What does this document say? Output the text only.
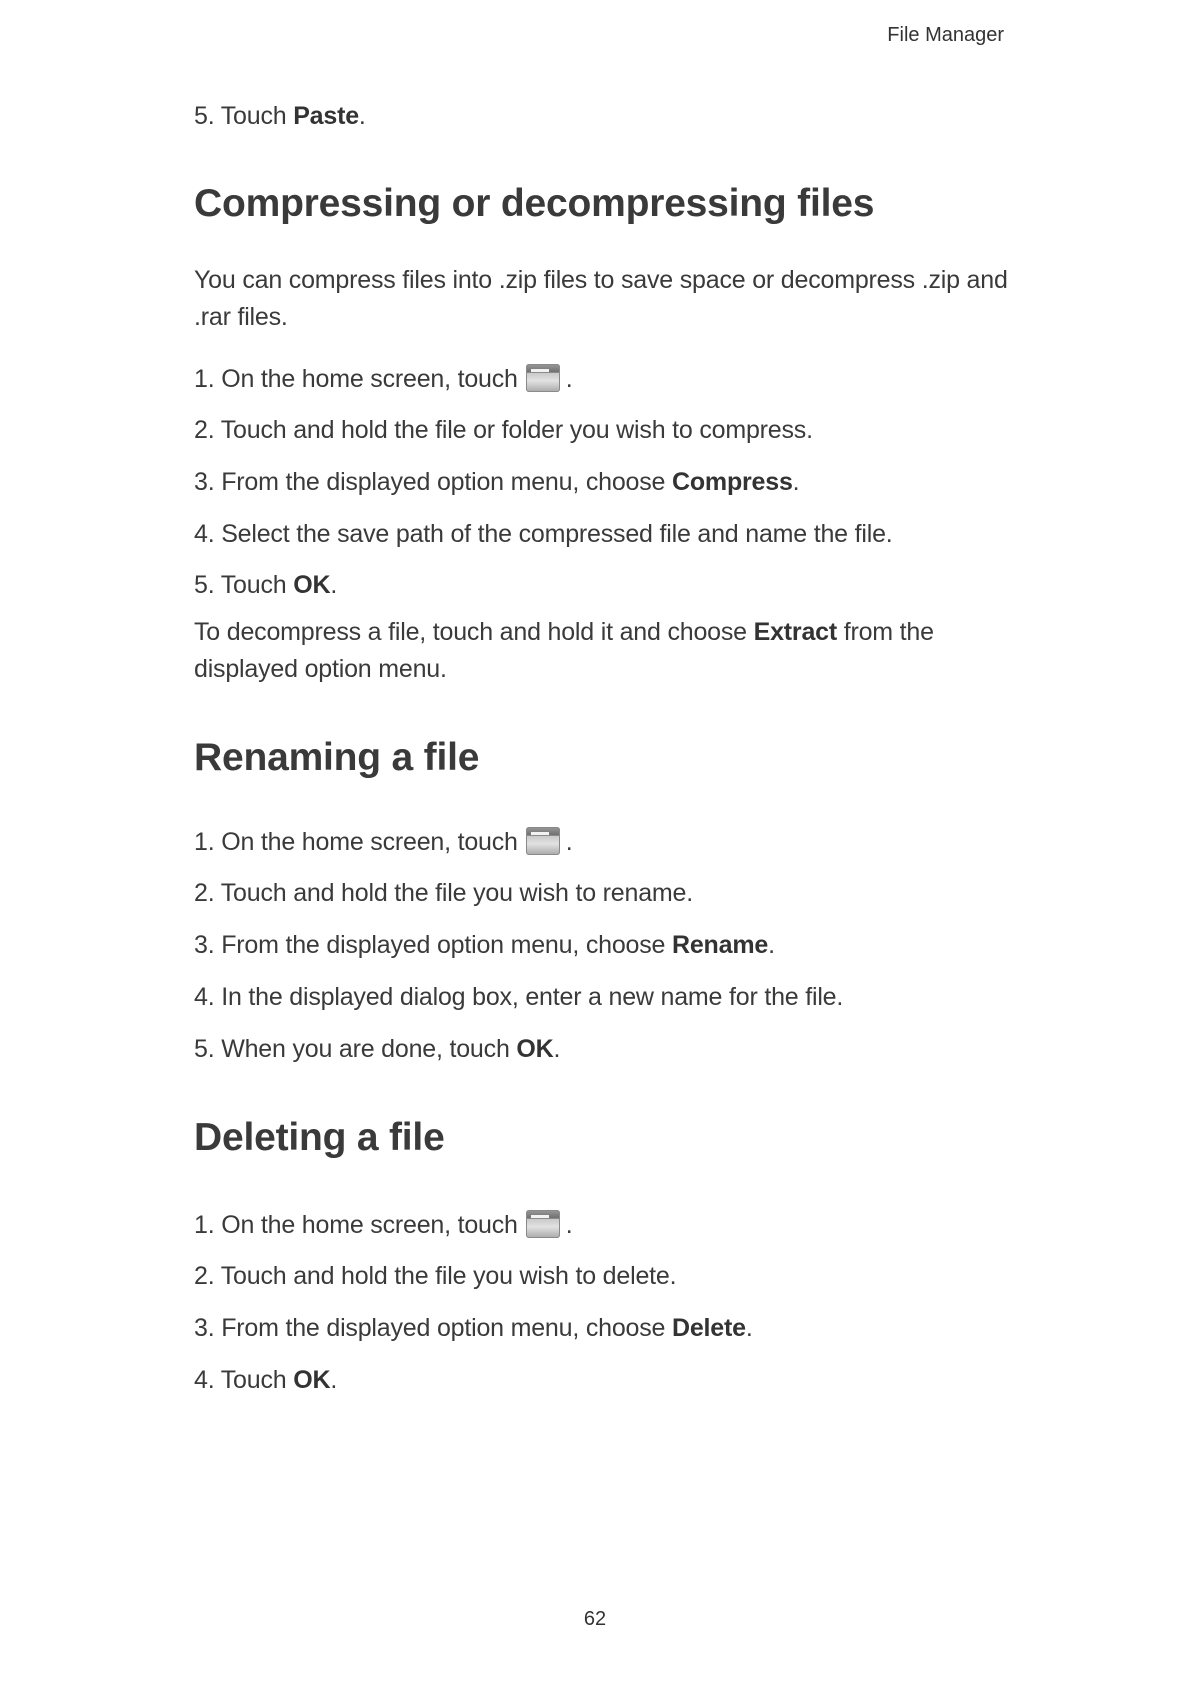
File Manager
5. Touch Paste.
Compressing or decompressing files
You can compress files into .zip files to save space or decompress .zip and .rar files.
1. On the home screen, touch .
2. Touch and hold the file or folder you wish to compress.
3. From the displayed option menu, choose Compress.
4. Select the save path of the compressed file and name the file.
5. Touch OK.
To decompress a file, touch and hold it and choose Extract from the displayed option menu.
Renaming a file
1. On the home screen, touch .
2. Touch and hold the file you wish to rename.
3. From the displayed option menu, choose Rename.
4. In the displayed dialog box, enter a new name for the file.
5. When you are done, touch OK.
Deleting a file
1. On the home screen, touch .
2. Touch and hold the file you wish to delete.
3. From the displayed option menu, choose Delete.
4. Touch OK.
62
